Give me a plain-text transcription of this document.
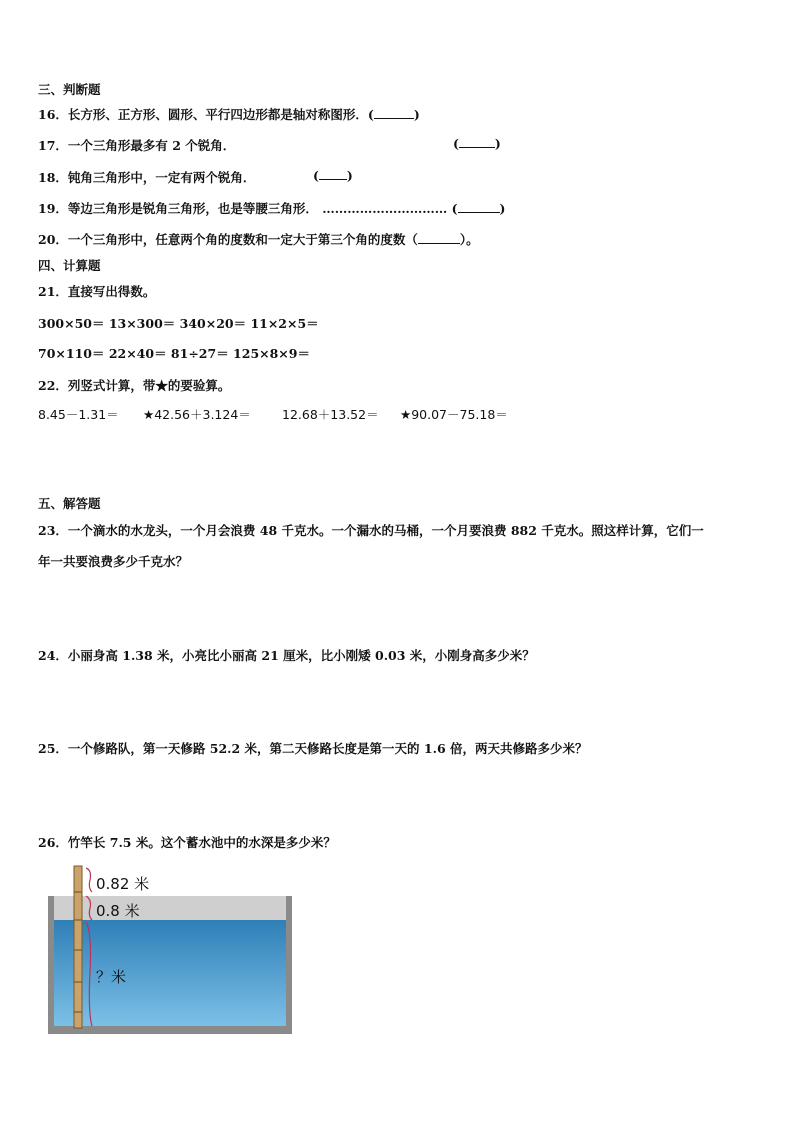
三、判断题
16．长方形、正方形、圆形、平行四边形都是轴对称图形．(	)
17．一个三角形最多有 2 个锐角．	(	)
18．钝角三角形中，一定有两个锐角．	( )
19．等边三角形是锐角三角形，也是等腰三角形． ………………………… (	)
20．一个三角形中，任意两个角的度数和一定大于第三个角的度数（	）。
四、计算题
21．直接写出得数。
300×50＝ 13×300＝ 340×20＝ 11×2×5＝
70×110＝ 22×40＝ 81÷27＝ 125×8×9＝
22．列竖式计算，带★的要验算。
8.45－1.31＝ ★42.56＋3.124＝ 12.68＋13.52＝ ★90.07－75.18＝
五、解答题
23．一个滴水的水龙头，一个月会浪费 48 千克水。一个漏水的马桶，一个月要浪费 882 千克水。照这样计算，它们一
年一共要浪费多少千克水？
24．小丽身高 1.38 米，小亮比小丽高 21 厘米，比小刚矮 0.03 米，小刚身高多少米？
25．一个修路队，第一天修路 52.2 米，第二天修路长度是第一天的 1.6 倍，两天共修路多少米？
26．竹竿长 7.5 米。这个蓄水池中的水深是多少米？
0.82 米
0.8 米
？米
